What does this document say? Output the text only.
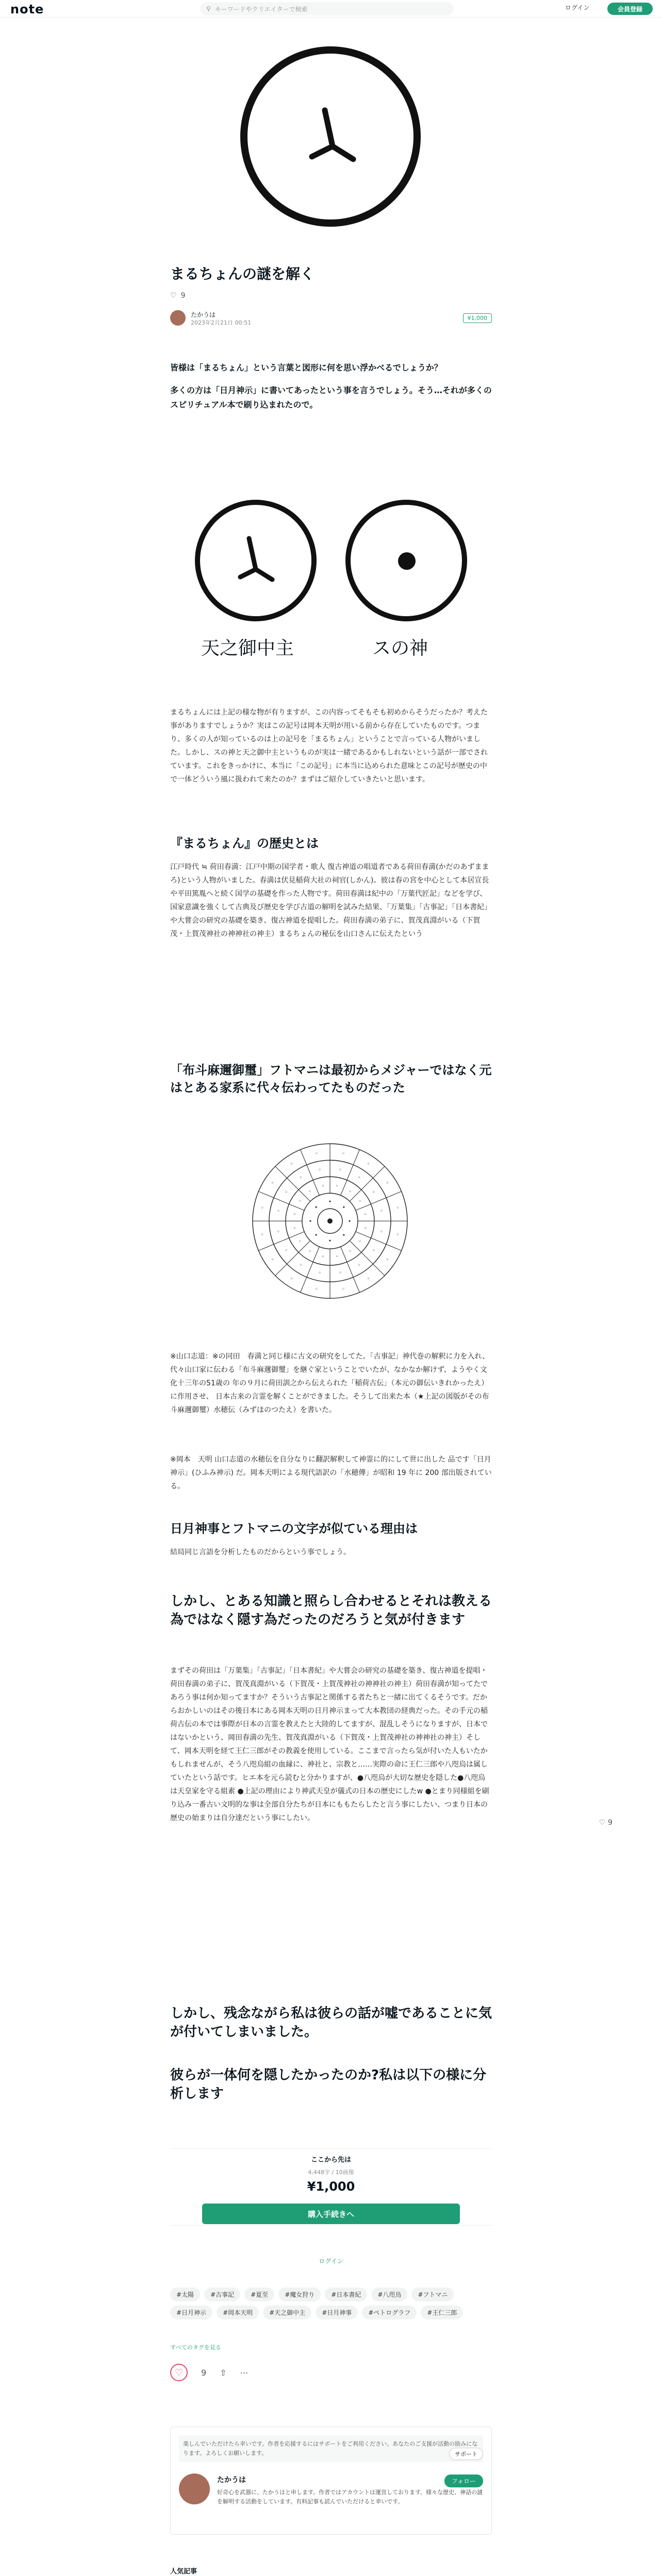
note	⚲ キーワードやクリエイターで検索	ログイン	会員登録
まるちょんの謎を解く
♡ 9
たかうは
2023年2月21日 00:51
¥1,000

皆様は「まるちょん」という言葉と図形に何を思い浮かべるでしょうか？

多くの方は「日月神示」に書いてあったという事を言うでしょう。そう…それが多くのスピリチュアル本で刷り込まれたので。

天之御中主	スの神
まるちょんには上記の様な物が有りますが、この内容ってそもそも初めからそうだったか？考えた事がありますでしょうか？実はこの記号は岡本天明が用いる前から存在していたものです。つまり、多くの人が知っているのは上の記号を「まるちょん」ということで言っている人物がいました。しかし、スの神と天之御中主というものが実は一緒であるかもしれないという話が一部でされています。これをきっかけに、本当に「この記号」に本当に込められた意味とこの記号が歴史の中で一体どういう風に扱われて来たのか？まずはご紹介していきたいと思います。
『まるちょん』の歴史とは
江戸時代 ≒ 荷田春満：江戸中期の国学者・歌人 復古神道の唱道者である荷田春満(かだのあずままろ)という人物がいました。春満は伏見稲荷大社の祠官(しかん)。彼は春の宮を中心として本居宣長や平田篤胤へと続く国学の基礎を作った人物です。荷田春満は紀中の「万葉代匠記」などを学び、国家意識を強くして古典及び歴史を学び古道の解明を試みた結果、「万葉集」「古事記」「日本書紀」や大嘗会の研究の基礎を築き、復古神道を提唱した。荷田春満の弟子に、賀茂真淵がいる（下賀茂・上賀茂神社の神神社の神主）まるちょんの秘伝を山口さんに伝えたという
「布斗麻邇御璽」フトマニは最初からメジャーではなく元はとある家系に代々伝わってたものだった
◦
◦
◦
◦
◦
◦
◦
◦
◦
◦
◦
◦
◦
◦
◦
◦
◦
◦
◦
◦
◦
◦ ◦ ◦
◦ ◦ ◦
◦
◦
◦
◦
◦
◦
◦
◦
◦
◦
◦
◦
◦
◦
◦
◦
◦
◦
◦
◦
◦
•
•
•
•
•
•
•
•
※山口志道：※の同田　春満と同じ様に古文の研究をしてた。「古事記」神代巻の解釈に力を入れ、代々山口家に伝わる「布斗麻邇御璽」を継ぐ家ということでいたが、なかなか解けず、ようやく文化十三年の51歳の 年の９月に荷田訓之から伝えられた「稲荷古伝」（本元の御伝いきれかったえ）に作用させ、 日本古来の言霊を解くことができました。そうして出来た本（★上記の図版がその布斗麻邇御璽）水穂伝（みずほのつたえ）を書いた。
※岡本　天明 山口志道の水穂伝を自分なりに翻訳解釈して神霊に的にして世に出した 品です「日月神示」(ひふみ神示) だ。岡本天明による現代語訳の「水穂傳」が昭和 19 年に 200 部出版されている。
日月神事とフトマニの文字が似ている理由は
結局同じ言語を分析したものだからという事でしょう。
しかし、とある知識と照らし合わせるとそれは教える為ではなく隠す為だったのだろうと気が付きます
まずその荷田は「万葉集」「古事記」「日本書紀」や大嘗会の研究の基礎を築き、復古神道を提唱・荷田春満の弟子に、賀茂真淵がいる（下賀茂・上賀茂神社の神神社の神主）荷田春満が知ってたであろう事は何か知ってますか？そういう古事記と関係する者たちと一緒に出てくるそうです。だからおかしいのはその後日本にある岡本天明の日月神示まって大本教団の経典だった。その手元の稲荷古伝の本では事際が日本の言霊を教えたと大陸的してますが、混乱しそうになりますが、日本ではないかという、岡田春満の先生、賀茂真淵がいる（下賀茂・上賀茂神社の神神社の神主）そして、岡本天明を経て王仁三郎がその教義を使用している。ここまで言ったら気が付いた人もいたかもしれませんが、そう八咫烏組の血縁に、神社と、宗教と……実際の命に王仁三郎や八咫烏は属していたという話です。ヒエ本を元ら読むと分かりますが、●八咫烏が大切な歴史を隠した●八咫烏は天皇家を守る組素 ●上記の理由により神武天皇が儀式の日本の歴史にしたw ●とまり同様組を刷り込み一番古い文明的な事は全部自分たちが日本にももたらしたと言う事にしたい、つまり日本の歴史の始まりは自分達だという事にしたい。
しかし、残念ながら私は彼らの話が嘘であることに気が付いてしまいました。
彼らが一体何を隠したかったのか?私は以下の様に分析します
♡ 9
ここから先は
4,448字 / 10画像
¥1,000
購入手続きへ
ログイン
#太陽	#古事記	#夏至	#魔女狩り	#日本書紀	#八咫烏	#フトマニ
#日月神示	#岡本天明	#天之御中主	#日月神事	#ペトログラフ	#王仁三郎
すべてのタグを見る
♡	9 ⇧ ⋯
楽しんでいただけたら幸いです。作者を応援するにはサポートをご利用ください。あなたのご支援が活動の励みになります。よろしくお願いします。
たかうは	フォロー
サポート
好奇心を武器に、たかうはと申します。作者ではアカウントは運営しております。様々な歴史、神話の謎を解明する活動をしています。有料記事も読んでいただけると幸いです。
人気記事
